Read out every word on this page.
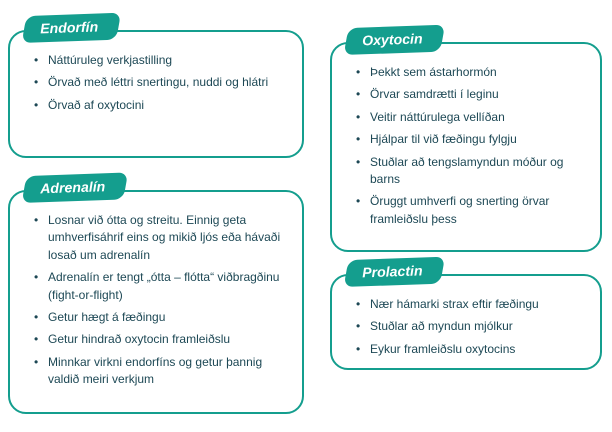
Endorfín
• Náttúruleg verkjastilling
• Örvað með léttri snertingu, nuddi og hlátri
• Örvað af oxytocini
Adrenalín
• Losnar við ótta og streitu. Einnig geta umhverfisáhrif eins og mikið ljós eða hávaði losað um adrenalín
• Adrenalín er tengt „ótta – flótta“ viðbragðinu (fight-or-flight)
• Getur hægt á fæðingu
• Getur hindrað oxytocin framleiðslu
• Minnkar virkni endorfíns og getur þannig valdið meiri verkjum
Oxytocin
• Þekkt sem ástarhormón
• Örvar samdrætti í leginu
• Veitir náttúrulega vellíðan
• Hjálpar til við fæðingu fylgju
• Stuðlar að tengslamyndun móður og barns
• Öruggt umhverfi og snerting örvar framleiðslu þess
Prolactin
• Nær hámarki strax eftir fæðingu
• Stuðlar að myndun mjólkur
• Eykur framleiðslu oxytocins
